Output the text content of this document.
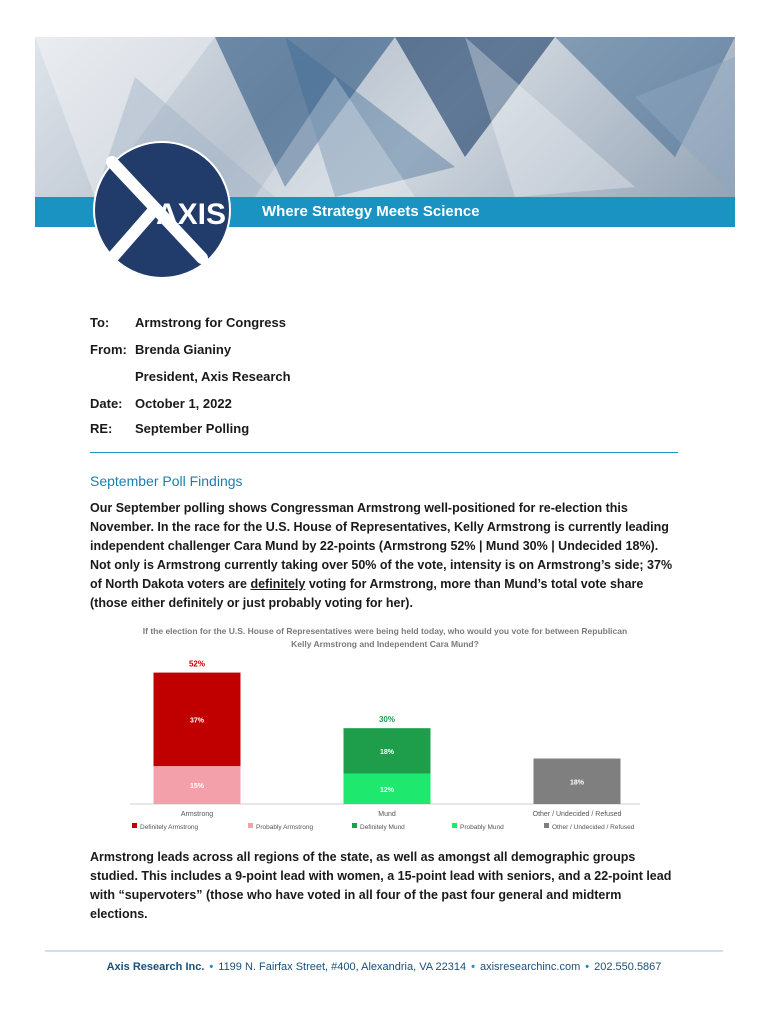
Where Strategy Meets Science
AXIS
To: Armstrong for Congress
From: Brenda Gianiny
President, Axis Research
Date: October 1, 2022
RE: September Polling
September Poll Findings
Our September polling shows Congressman Armstrong well-positioned for re-election this November. In the race for the U.S. House of Representatives, Kelly Armstrong is currently leading independent challenger Cara Mund by 22-points (Armstrong 52% | Mund 30% | Undecided 18%). Not only is Armstrong currently taking over 50% of the vote, intensity is on Armstrong’s side; 37% of North Dakota voters are definitely voting for Armstrong, more than Mund’s total vote share (those either definitely or just probably voting for her).
If the election for the U.S. House of Representatives were being held today, who would you vote for between Republican Kelly Armstrong and Independent Cara Mund?
15%
37%
52%
Armstrong
12%
18%
30%
Mund
18%
Other / Undecided / Refused
Definitely Armstrong	Probably Armstrong	Definitely Mund	Probably Mund	Other / Undecided / Refused
Armstrong leads across all regions of the state, as well as amongst all demographic groups studied. This includes a 9-point lead with women, a 15-point lead with seniors, and a 22-point lead with “supervoters” (those who have voted in all four of the past four general and midterm elections.
Axis Research Inc. • 1199 N. Fairfax Street, #400, Alexandria, VA 22314 • axisresearchinc.com • 202.550.5867
